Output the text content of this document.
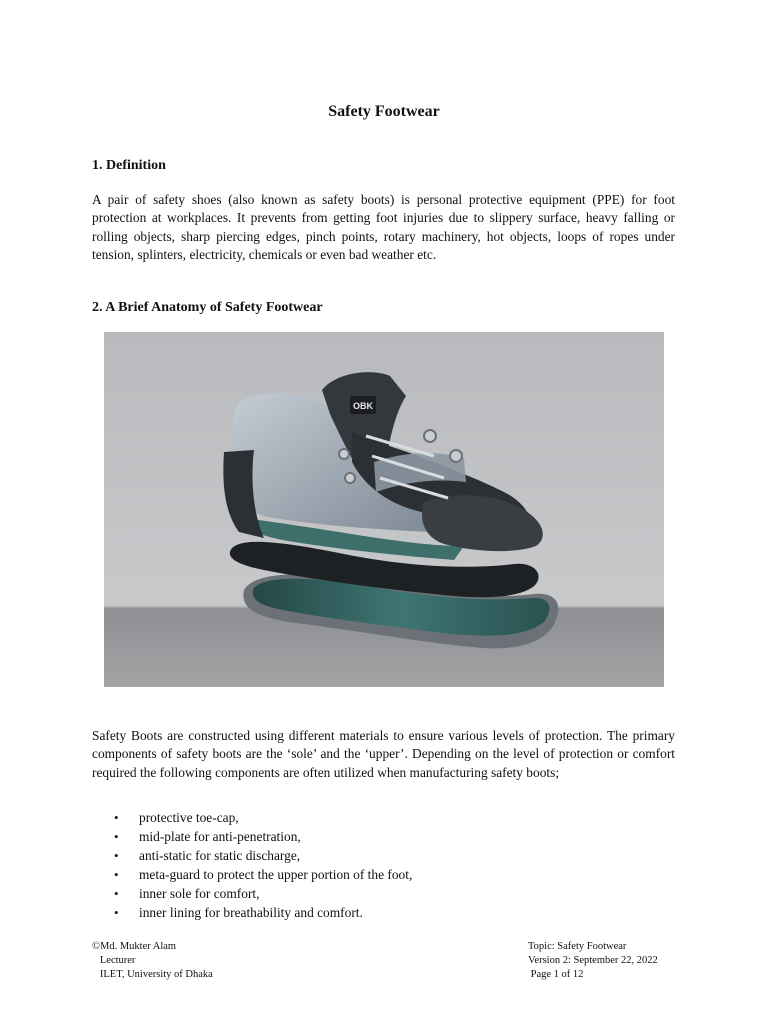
Safety Footwear
1. Definition
A pair of safety shoes (also known as safety boots) is personal protective equipment (PPE) for foot protection at workplaces. It prevents from getting foot injuries due to slippery surface, heavy falling or rolling objects, sharp piercing edges, pinch points, rotary machinery, hot objects, loops of ropes under tension, splinters, electricity, chemicals or even bad weather etc.
2. A Brief Anatomy of Safety Footwear
OBK
Safety Boots are constructed using different materials to ensure various levels of protection. The primary components of safety boots are the ‘sole’ and the ‘upper’. Depending on the level of protection or comfort required the following components are often utilized when manufacturing safety boots;
• protective toe-cap,
• mid-plate for anti-penetration,
• anti-static for static discharge,
• meta-guard to protect the upper portion of the foot,
• inner sole for comfort,
• inner lining for breathability and comfort.
©Md. Mukter Alam
Lecturer
ILET, University of Dhaka
Topic: Safety Footwear
Version 2: September 22, 2022
Page 1 of 12
